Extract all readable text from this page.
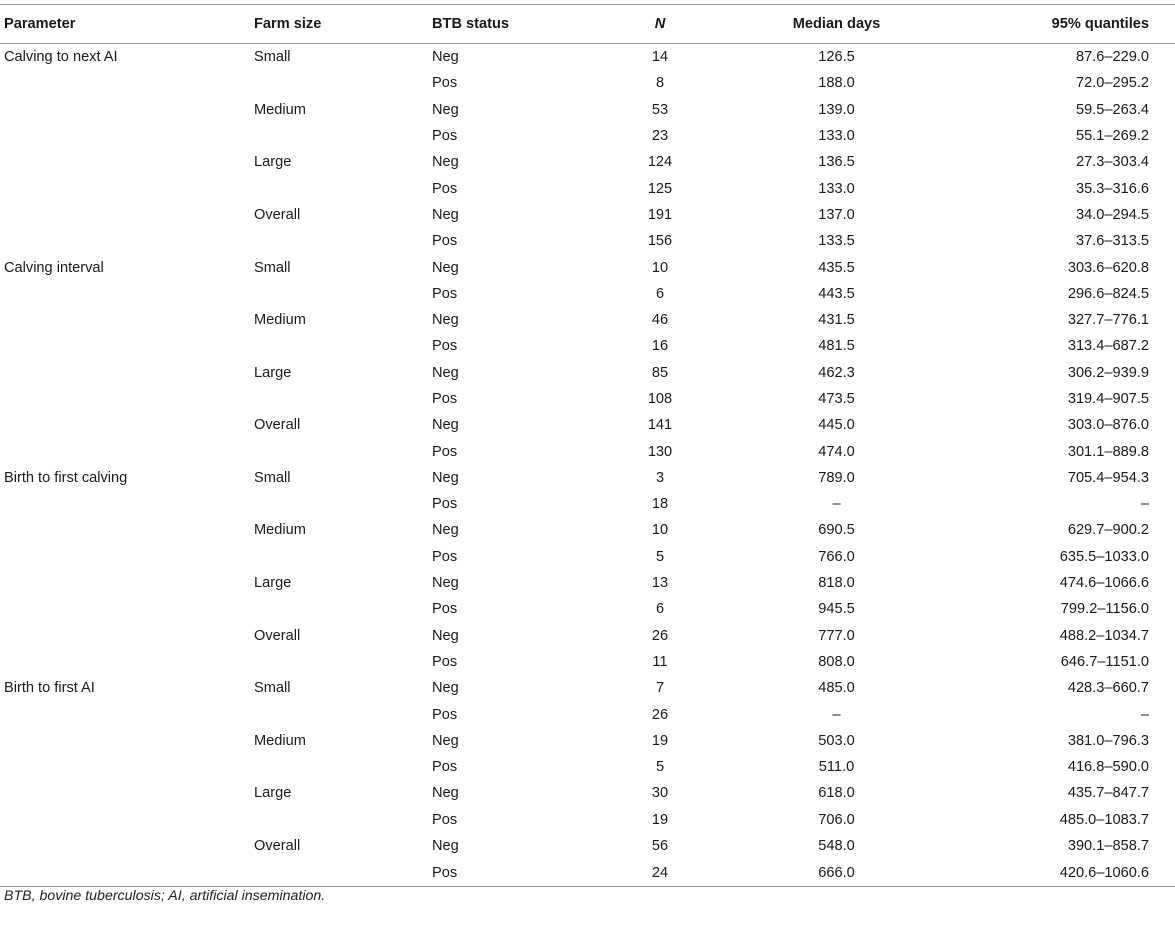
Parameter	Farm size	BTB status	N	Median days	95% quantiles
Calving to next AI	Small	Neg	14	126.5	87.6–229.0
		Pos	8	188.0	72.0–295.2
	Medium	Neg	53	139.0	59.5–263.4
		Pos	23	133.0	55.1–269.2
	Large	Neg	124	136.5	27.3–303.4
		Pos	125	133.0	35.3–316.6
	Overall	Neg	191	137.0	34.0–294.5
		Pos	156	133.5	37.6–313.5
Calving interval	Small	Neg	10	435.5	303.6–620.8
		Pos	6	443.5	296.6–824.5
	Medium	Neg	46	431.5	327.7–776.1
		Pos	16	481.5	313.4–687.2
	Large	Neg	85	462.3	306.2–939.9
		Pos	108	473.5	319.4–907.5
	Overall	Neg	141	445.0	303.0–876.0
		Pos	130	474.0	301.1–889.8
Birth to first calving	Small	Neg	3	789.0	705.4–954.3
		Pos	18	–	–
	Medium	Neg	10	690.5	629.7–900.2
		Pos	5	766.0	635.5–1033.0
	Large	Neg	13	818.0	474.6–1066.6
		Pos	6	945.5	799.2–1156.0
	Overall	Neg	26	777.0	488.2–1034.7
		Pos	11	808.0	646.7–1151.0
Birth to first AI	Small	Neg	7	485.0	428.3–660.7
		Pos	26	–	–
	Medium	Neg	19	503.0	381.0–796.3
		Pos	5	511.0	416.8–590.0
	Large	Neg	30	618.0	435.7–847.7
		Pos	19	706.0	485.0–1083.7
	Overall	Neg	56	548.0	390.1–858.7
		Pos	24	666.0	420.6–1060.6
BTB, bovine tuberculosis; AI, artificial insemination.
